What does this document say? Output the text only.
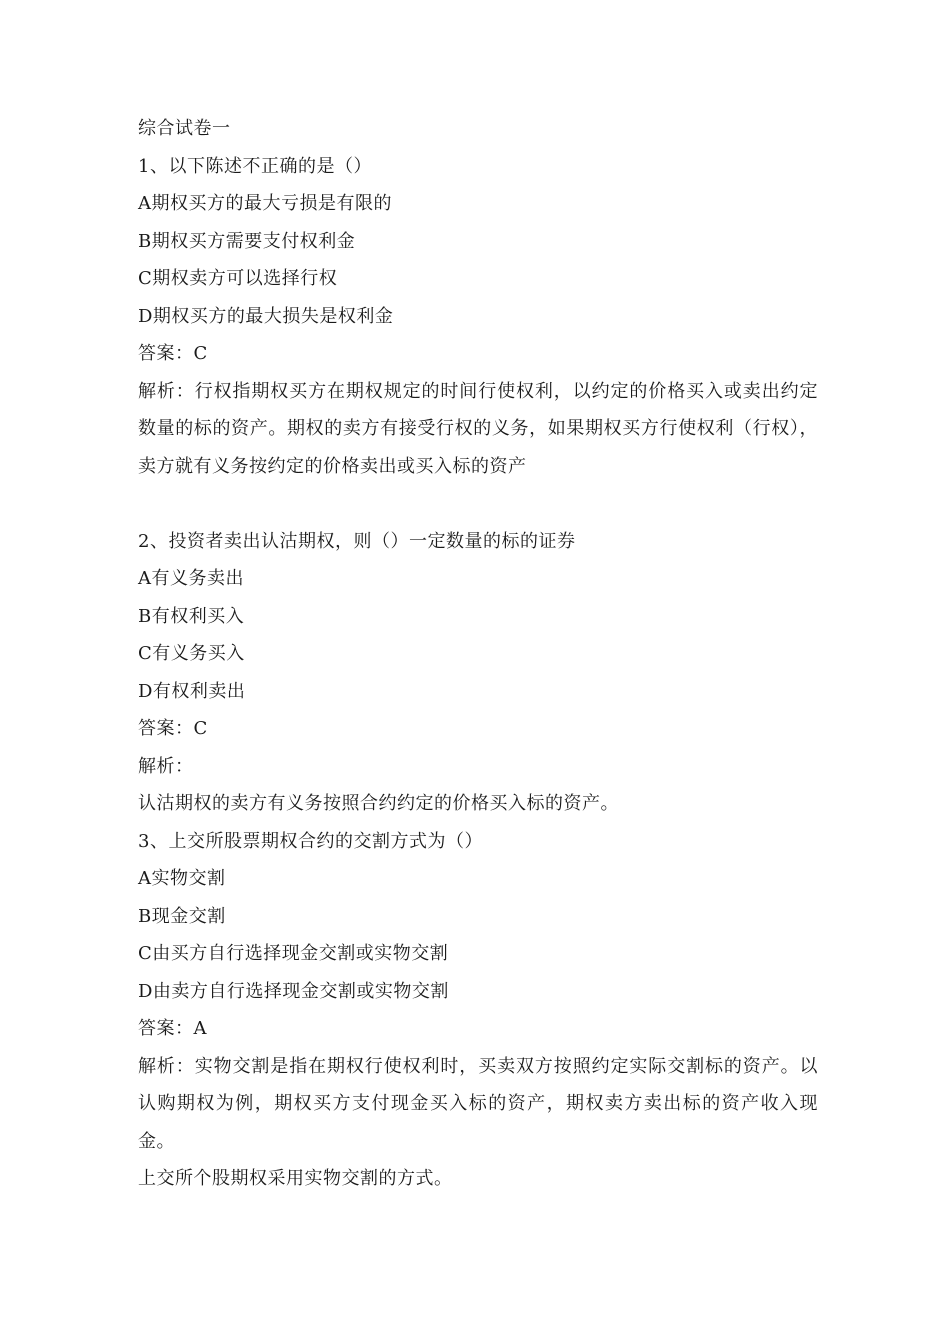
综合试卷一
1、以下陈述不正确的是（）
A期权买方的最大亏损是有限的
B期权买方需要支付权利金
C期权卖方可以选择行权
D期权买方的最大损失是权利金
答案：C

解析：行权指期权买方在期权规定的时间行使权利，以约定的价格买入或卖出约定数量的标的资产。期权的卖方有接受行权的义务，如果期权买方行使权利（行权），卖方就有义务按约定的价格卖出或买入标的资产

2、投资者卖出认沽期权，则（）一定数量的标的证券
A有义务卖出
B有权利买入
C有义务买入
D有权利卖出
答案：C
解析：

认沽期权的卖方有义务按照合约约定的价格买入标的资产。

3、上交所股票期权合约的交割方式为（）
A实物交割
B现金交割
C由买方自行选择现金交割或实物交割
D由卖方自行选择现金交割或实物交割
答案：A

解析：实物交割是指在期权行使权利时，买卖双方按照约定实际交割标的资产。以认购期权为例，期权买方支付现金买入标的资产，期权卖方卖出标的资产收入现金。

上交所个股期权采用实物交割的方式。
